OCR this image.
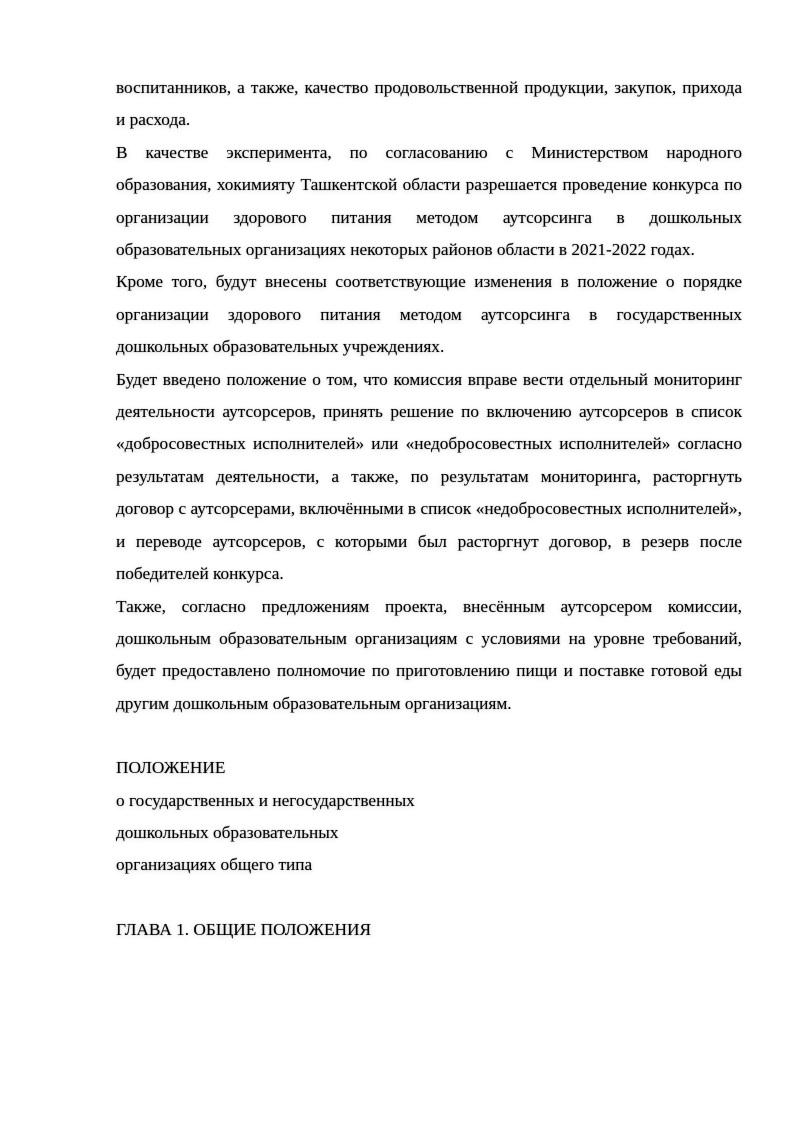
воспитанников, а также, качество продовольственной продукции, закупок, прихода и расхода.

В качестве эксперимента, по согласованию с Министерством народного образования, хокимияту Ташкентской области разрешается проведение конкурса по организации здорового питания методом аутсорсинга в дошкольных образовательных организациях некоторых районов области в 2021-2022 годах.

Кроме того, будут внесены соответствующие изменения в положение о порядке организации здорового питания методом аутсорсинга в государственных дошкольных образовательных учреждениях.

Будет введено положение о том, что комиссия вправе вести отдельный мониторинг деятельности аутсорсеров, принять решение по включению аутсорсеров в список «добросовестных исполнителей» или «недобросовестных исполнителей» согласно результатам деятельности, а также, по результатам мониторинга, расторгнуть договор с аутсорсерами, включёнными в список «недобросовестных исполнителей», и переводе аутсорсеров, с которыми был расторгнут договор, в резерв после победителей конкурса.

Также, согласно предложениям проекта, внесённым аутсорсером комиссии, дошкольным образовательным организациям с условиями на уровне требований, будет предоставлено полномочие по приготовлению пищи и поставке готовой еды другим дошкольным образовательным организациям.

ПОЛОЖЕНИЕ
о государственных и негосударственных
дошкольных образовательных
организациях общего типа
ГЛАВА 1. ОБЩИЕ ПОЛОЖЕНИЯ
